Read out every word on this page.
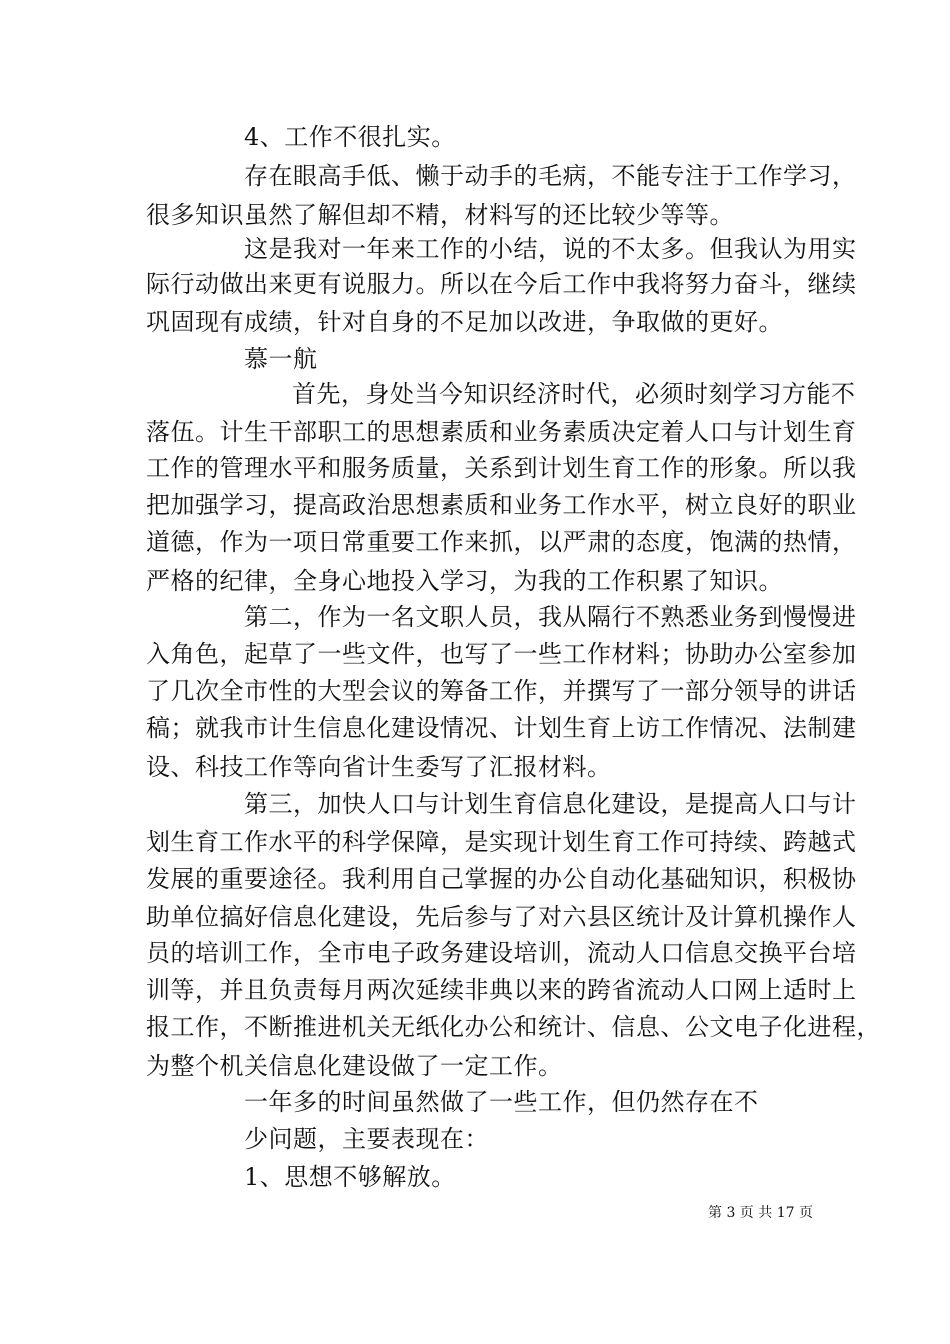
4、工作不很扎实。
存在眼高手低、懒于动手的毛病，不能专注于工作学习，
很多知识虽然了解但却不精，材料写的还比较少等等。
这是我对一年来工作的小结，说的不太多。但我认为用实
际行动做出来更有说服力。所以在今后工作中我将努力奋斗，继续
巩固现有成绩，针对自身的不足加以改进，争取做的更好。
慕一航
首先，身处当今知识经济时代，必须时刻学习方能不
落伍。计生干部职工的思想素质和业务素质决定着人口与计划生育
工作的管理水平和服务质量，关系到计划生育工作的形象。所以我
把加强学习，提高政治思想素质和业务工作水平，树立良好的职业
道德，作为一项日常重要工作来抓，以严肃的态度，饱满的热情，
严格的纪律，全身心地投入学习，为我的工作积累了知识。
第二，作为一名文职人员，我从隔行不熟悉业务到慢慢进
入角色，起草了一些文件，也写了一些工作材料；协助办公室参加
了几次全市性的大型会议的筹备工作，并撰写了一部分领导的讲话
稿；就我市计生信息化建设情况、计划生育上访工作情况、法制建
设、科技工作等向省计生委写了汇报材料。
第三，加快人口与计划生育信息化建设，是提高人口与计
划生育工作水平的科学保障，是实现计划生育工作可持续、跨越式
发展的重要途径。我利用自己掌握的办公自动化基础知识，积极协
助单位搞好信息化建设，先后参与了对六县区统计及计算机操作人
员的培训工作，全市电子政务建设培训，流动人口信息交换平台培
训等，并且负责每月两次延续非典以来的跨省流动人口网上适时上
报工作，不断推进机关无纸化办公和统计、信息、公文电子化进程，
为整个机关信息化建设做了一定工作。
一年多的时间虽然做了一些工作，但仍然存在不
少问题，主要表现在：
1、思想不够解放。
第 3 页 共 17 页
